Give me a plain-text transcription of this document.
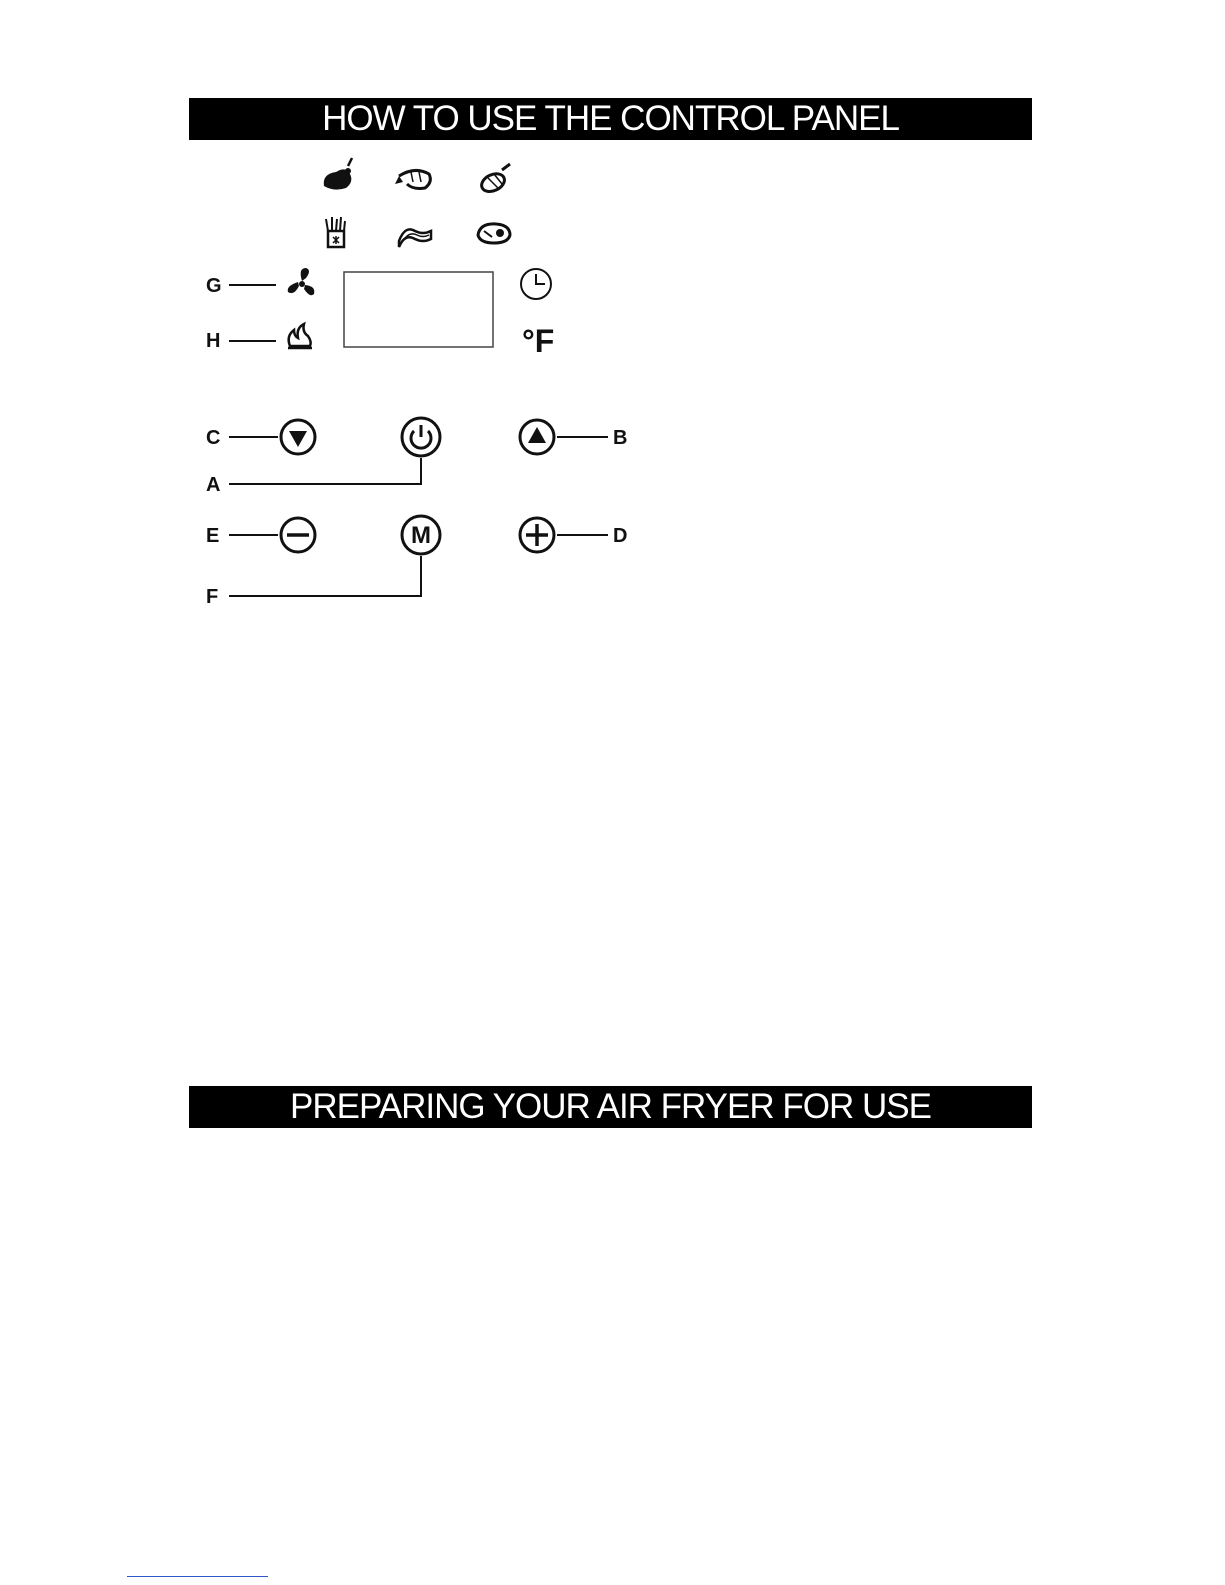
HOW TO USE THE CONTROL PANEL
G
H	°F
C
A
B
E	M
F
D
PREPARING YOUR AIR FRYER FOR USE
